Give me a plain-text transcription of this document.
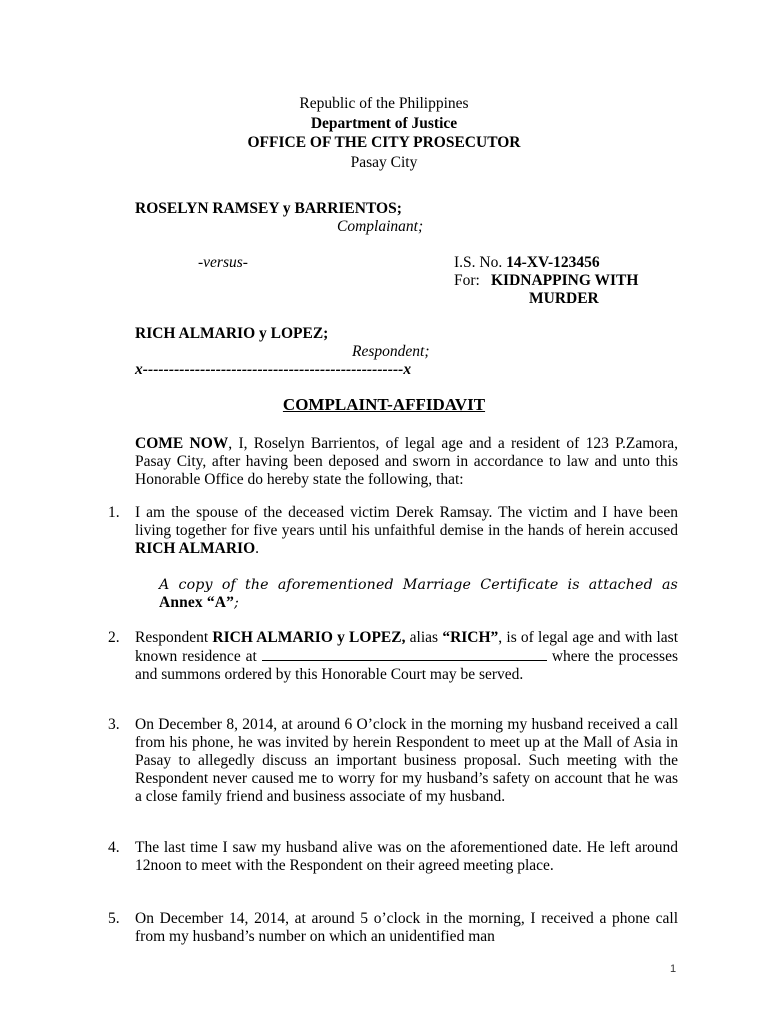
Republic of the Philippines
Department of Justice
OFFICE OF THE CITY PROSECUTOR
Pasay City
ROSELYN RAMSEY y BARRIENTOS;
Complainant;
-versus-	I.S. No. 14-XV-123456
For: KIDNAPPING WITH
MURDER
RICH ALMARIO y LOPEZ;
Respondent;
x--------------------------------------------------x
COMPLAINT-AFFIDAVIT
COME NOW, I, Roselyn Barrientos, of legal age and a resident of 123 P.Zamora, Pasay City, after having been deposed and sworn in accordance to law and unto this Honorable Office do hereby state the following, that:
1. I am the spouse of the deceased victim Derek Ramsay. The victim and I have been living together for five years until his unfaithful demise in the hands of herein accused RICH ALMARIO.
A copy of the aforementioned Marriage Certificate is attached as Annex “A”;
2. Respondent RICH ALMARIO y LOPEZ, alias “RICH”, is of legal age and with last known residence at	where the processes and summons ordered by this Honorable Court may be served.
3. On December 8, 2014, at around 6 O’clock in the morning my husband received a call from his phone, he was invited by herein Respondent to meet up at the Mall of Asia in Pasay to allegedly discuss an important business proposal. Such meeting with the Respondent never caused me to worry for my husband’s safety on account that he was a close family friend and business associate of my husband.
4. The last time I saw my husband alive was on the aforementioned date. He left around 12noon to meet with the Respondent on their agreed meeting place.
5. On December 14, 2014, at around 5 o’clock in the morning, I received a phone call from my husband’s number on which an unidentified man
1
